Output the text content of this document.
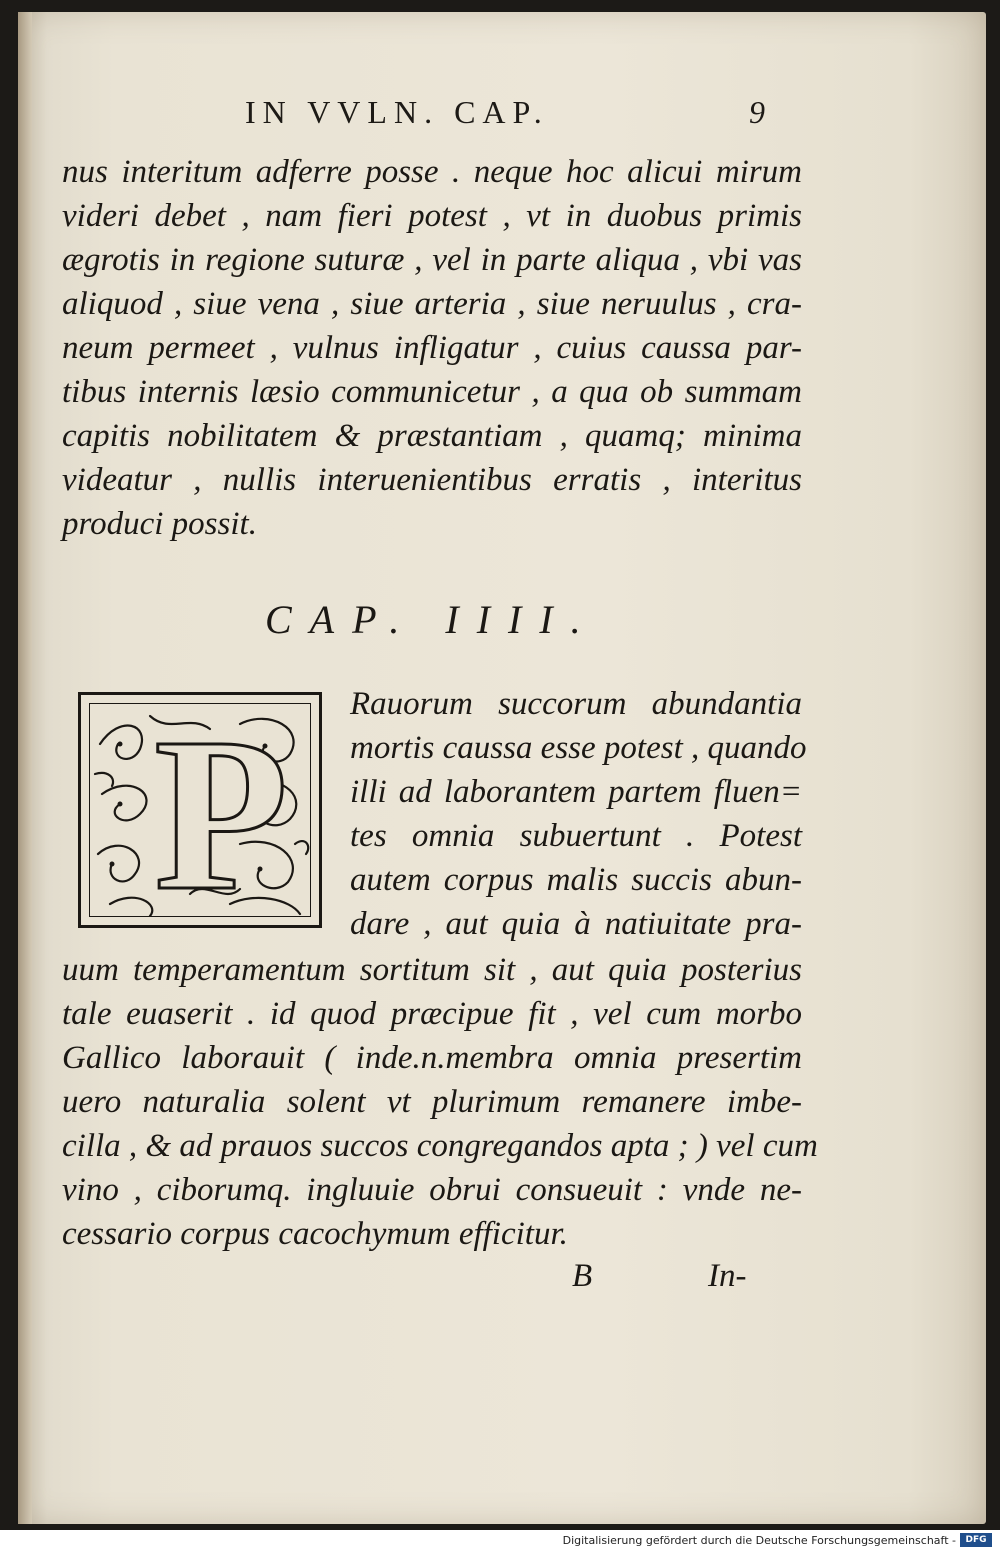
IN VVLN. CAP.	9
nus interitum adferre posse . neque hoc alicui mirum
videri debet , nam fieri potest , vt in duobus primis
ægrotis in regione suturæ , vel in parte aliqua , vbi vas
aliquod , siue vena , siue arteria , siue neruulus , cra-
neum permeet , vulnus infligatur , cuius caussa par-
tibus internis læsio communicetur , a qua ob summam
capitis nobilitatem & præstantiam , quamq; minima
videatur , nullis interuenientibus erratis , interitus
produci possit.
CAP. IIII.
P Rauorum succorum abundantia
mortis caussa esse potest , quando
illi ad laborantem partem fluen=
tes omnia subuertunt . Potest
autem corpus malis succis abun-
dare , aut quia à natiuitate pra-
uum temperamentum sortitum sit , aut quia posterius
tale euaserit . id quod præcipue fit , vel cum morbo
Gallico laborauit ( inde.n.membra omnia presertim
uero naturalia solent vt plurimum remanere imbe-
cilla , & ad prauos succos congregandos apta ; ) vel cum
vino , ciborumq. ingluuie obrui consueuit : vnde ne-
cessario corpus cacochymum efficitur.
B	In-
Digitalisierung gefördert durch die Deutsche Forschungsgemeinschaft -	DFG
